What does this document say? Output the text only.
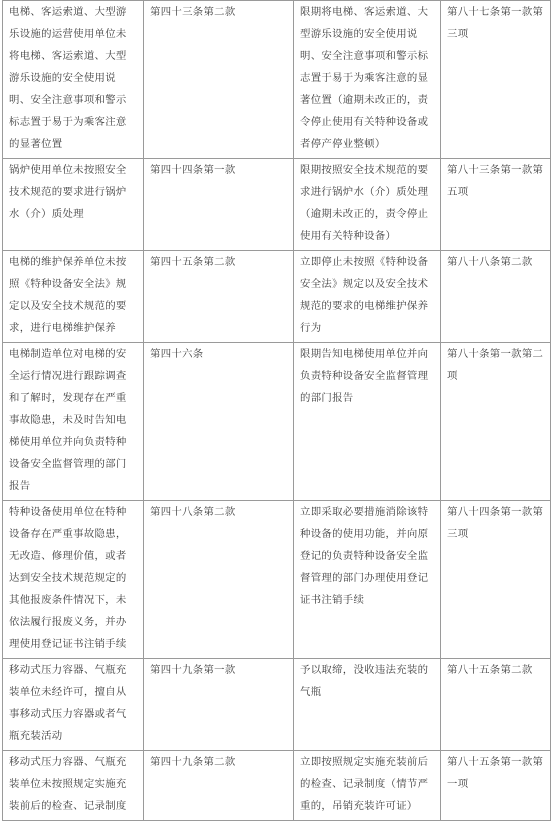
电梯、客运索道、大型游乐设施的运营使用单位未将电梯、客运索道、大型游乐设施的安全使用说明、安全注意事项和警示标志置于易于为乘客注意的显著位置	第四十三条第二款	限期将电梯、客运索道、大型游乐设施的安全使用说明、安全注意事项和警示标志置于易于为乘客注意的显著位置（逾期未改正的，责令停止使用有关特种设备或者停产停业整顿）	第八十七条第一款第三项
锅炉使用单位未按照安全技术规范的要求进行锅炉水（介）质处理	第四十四条第一款	限期按照安全技术规范的要求进行锅炉水（介）质处理（逾期未改正的，责令停止使用有关特种设备）	第八十三条第一款第五项
电梯的维护保养单位未按照《特种设备安全法》规定以及安全技术规范的要求，进行电梯维护保养	第四十五条第二款	立即停止未按照《特种设备安全法》规定以及安全技术规范的要求的电梯维护保养行为	第八十八条第二款
电梯制造单位对电梯的安全运行情况进行跟踪调查和了解时，发现存在严重事故隐患，未及时告知电梯使用单位并向负责特种设备安全监督管理的部门报告	第四十六条	限期告知电梯使用单位并向负责特种设备安全监督管理的部门报告	第八十条第一款第二项
特种设备使用单位在特种设备存在严重事故隐患，无改造、修理价值，或者达到安全技术规范规定的其他报废条件情况下，未依法履行报废义务，并办理使用登记证书注销手续	第四十八条第二款	立即采取必要措施消除该特种设备的使用功能，并向原登记的负责特种设备安全监督管理的部门办理使用登记证书注销手续	第八十四条第一款第三项
移动式压力容器、气瓶充装单位未经许可，擅自从事移动式压力容器或者气瓶充装活动	第四十九条第一款	予以取缔，没收违法充装的气瓶	第八十五条第二款
移动式压力容器、气瓶充装单位未按照规定实施充装前后的检查、记录制度	第四十九条第二款	立即按照规定实施充装前后的检查、记录制度（情节严重的，吊销充装许可证）	第八十五条第一款第一项
